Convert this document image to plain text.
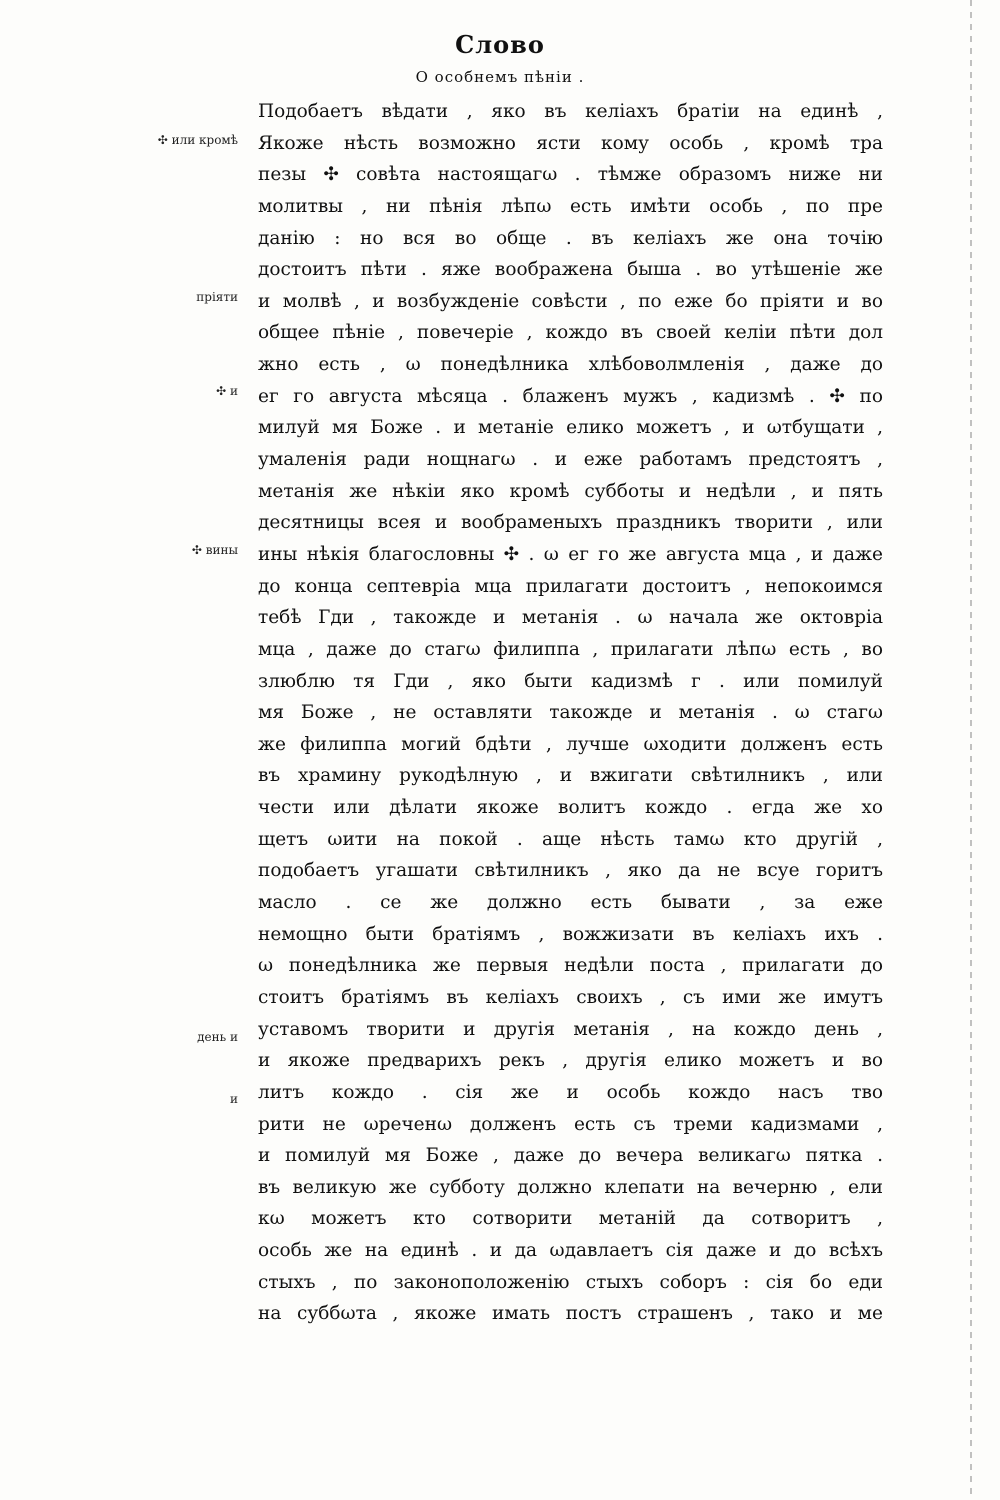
Слово
О особнемъ пѣнiи .
✣ или кромѣ
прiяти
✣ и
✣ вины
день и
и
Подобаетъ вѣдати , яко въ келiахъ братiи на единѣ ,
Якоже нѣсть возможно ясти кому особь , кромѣ тра
пезы ✣ совѣта настоящагω . тѣмже образомъ ниже ни
молитвы , ни пѣнiя лѣпω есть имѣти особь , по пре
данiю : но вся во обще . въ келiахъ же она точiю
достоитъ пѣти . яже воображена быша . во утѣшенiе же
и молвѣ , и возбужденiе совѣсти , по еже бо прiяти и во
общее пѣнiе , повечерiе , кождо въ своей келiи пѣти дол
жно есть , ω понедѣлника хлѣбоволмленiя , даже до
ег го августа мѣсяца . блаженъ мужъ , кадизмѣ . ✣ по
милуй мя Боже . и метанiе елико можетъ , и ωтбущати ,
умаленiя ради нощнагω . и еже работамъ предстоятъ ,
метанiя же нѣкiи яко кромѣ субботы и недѣли , и пять
десятницы всея и вообраменыхъ праздникъ творити , или
ины нѣкiя благословны ✣ . ω ег го же августа мца , и даже
до конца септеврiа мца прилагати достоитъ , непокоимся
тебѣ Гди , такожде и метанiя . ω начала же октоврiа
мца , даже до стагω филиппа , прилагати лѣпω есть , во
злюблю тя Гди , яко быти кадизмѣ г . или помилуй
мя Боже , не оставляти такожде и метанiя . ω стагω
же филиппа могий бдѣти , лучше ωходити долженъ есть
въ храмину рукодѣлную , и вжигати свѣтилникъ , или
чести или дѣлати якоже волитъ кождо . егда же хо
щетъ ωити на покой . аще нѣсть тамω кто другiй ,
подобаетъ угашати свѣтилникъ , яко да не всуе горитъ
масло . се же должно есть бывати , за еже
немощно быти братiямъ , вожжизати въ келiахъ ихъ .
ω понедѣлника же первыя недѣли поста , прилагати до
стоитъ братiямъ въ келiахъ своихъ , съ ими же имутъ
уставомъ творити и другiя метанiя , на кождо день ,
и якоже предварихъ рекъ , другiя елико можетъ и во
литъ кождо . сiя же и особь кождо насъ тво
рити не ωреченω долженъ есть съ треми кадизмами ,
и помилуй мя Боже , даже до вечера великагω пятка .
въ великую же субботу должно клепати на вечерню , ели
кω можетъ кто сотворити метанiй да сотворитъ ,
особь же на единѣ . и да ωдавлаетъ сiя даже и до всѣхъ
стыхъ , по законоположенiю стыхъ соборъ : сiя бо еди
на суббωта , якоже имать постъ страшенъ , тако и ме
